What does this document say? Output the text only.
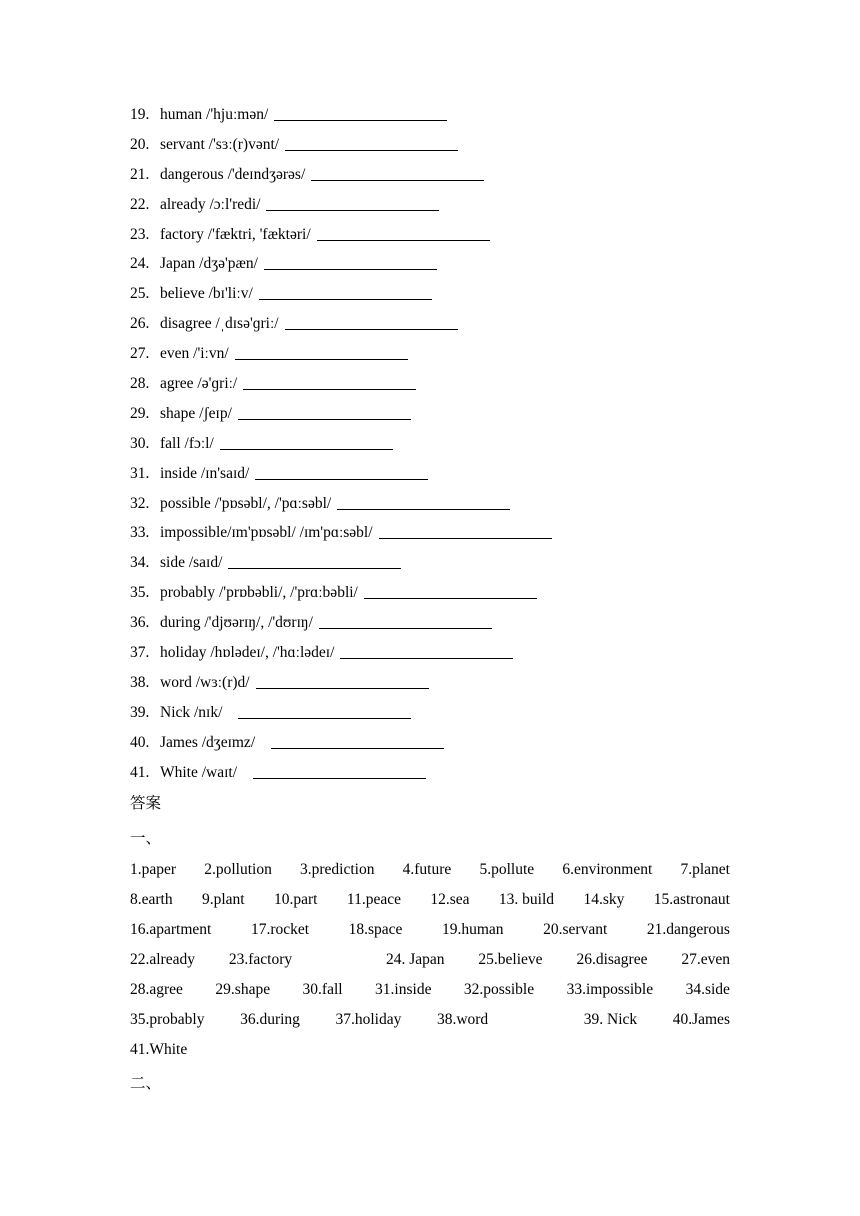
19. human /'hjuːmən/
20. servant /'sɜː(r)vənt/
21. dangerous /'deɪndʒərəs/
22. already /ɔːl'redi/
23. factory /'fæktri, 'fæktəri/
24. Japan /dʒə'pæn/
25. believe /bɪ'liːv/
26. disagree /ˌdɪsə'ɡriː/
27. even /'iːvn/
28. agree /ə'ɡriː/
29. shape /ʃeɪp/
30. fall /fɔːl/
31. inside /ɪn'saɪd/
32. possible /'pɒsəbl/, /'pɑːsəbl/
33. impossible/ɪm'pɒsəbl/ /ɪm'pɑːsəbl/
34. side /saɪd/
35. probably /'prɒbəbli/, /'prɑːbəbli/
36. during /'djʊərɪŋ/, /'dʊrɪŋ/
37. holiday /hɒlədeɪ/, /'hɑːlədeɪ/
38. word /wɜː(r)d/
39. Nick /nɪk/
40. James /dʒeɪmz/
41. White /waɪt/
答案
一、
1.paper 2.pollution 3.prediction 4.future 5.pollute 6.environment 7.planet
8.earth 9.plant 10.part 11.peace 12.sea 13. build 14.sky 15.astronaut
16.apartment	17.rocket	18.space	19.human	20.servant	21.dangerous
22.already 23.factory	24. Japan 25.believe 26.disagree 27.even
28.agree 29.shape 30.fall 31.inside 32.possible 33.impossible 34.side
35.probably 36.during 37.holiday 38.word	39. Nick 40.James
41.White
二、
